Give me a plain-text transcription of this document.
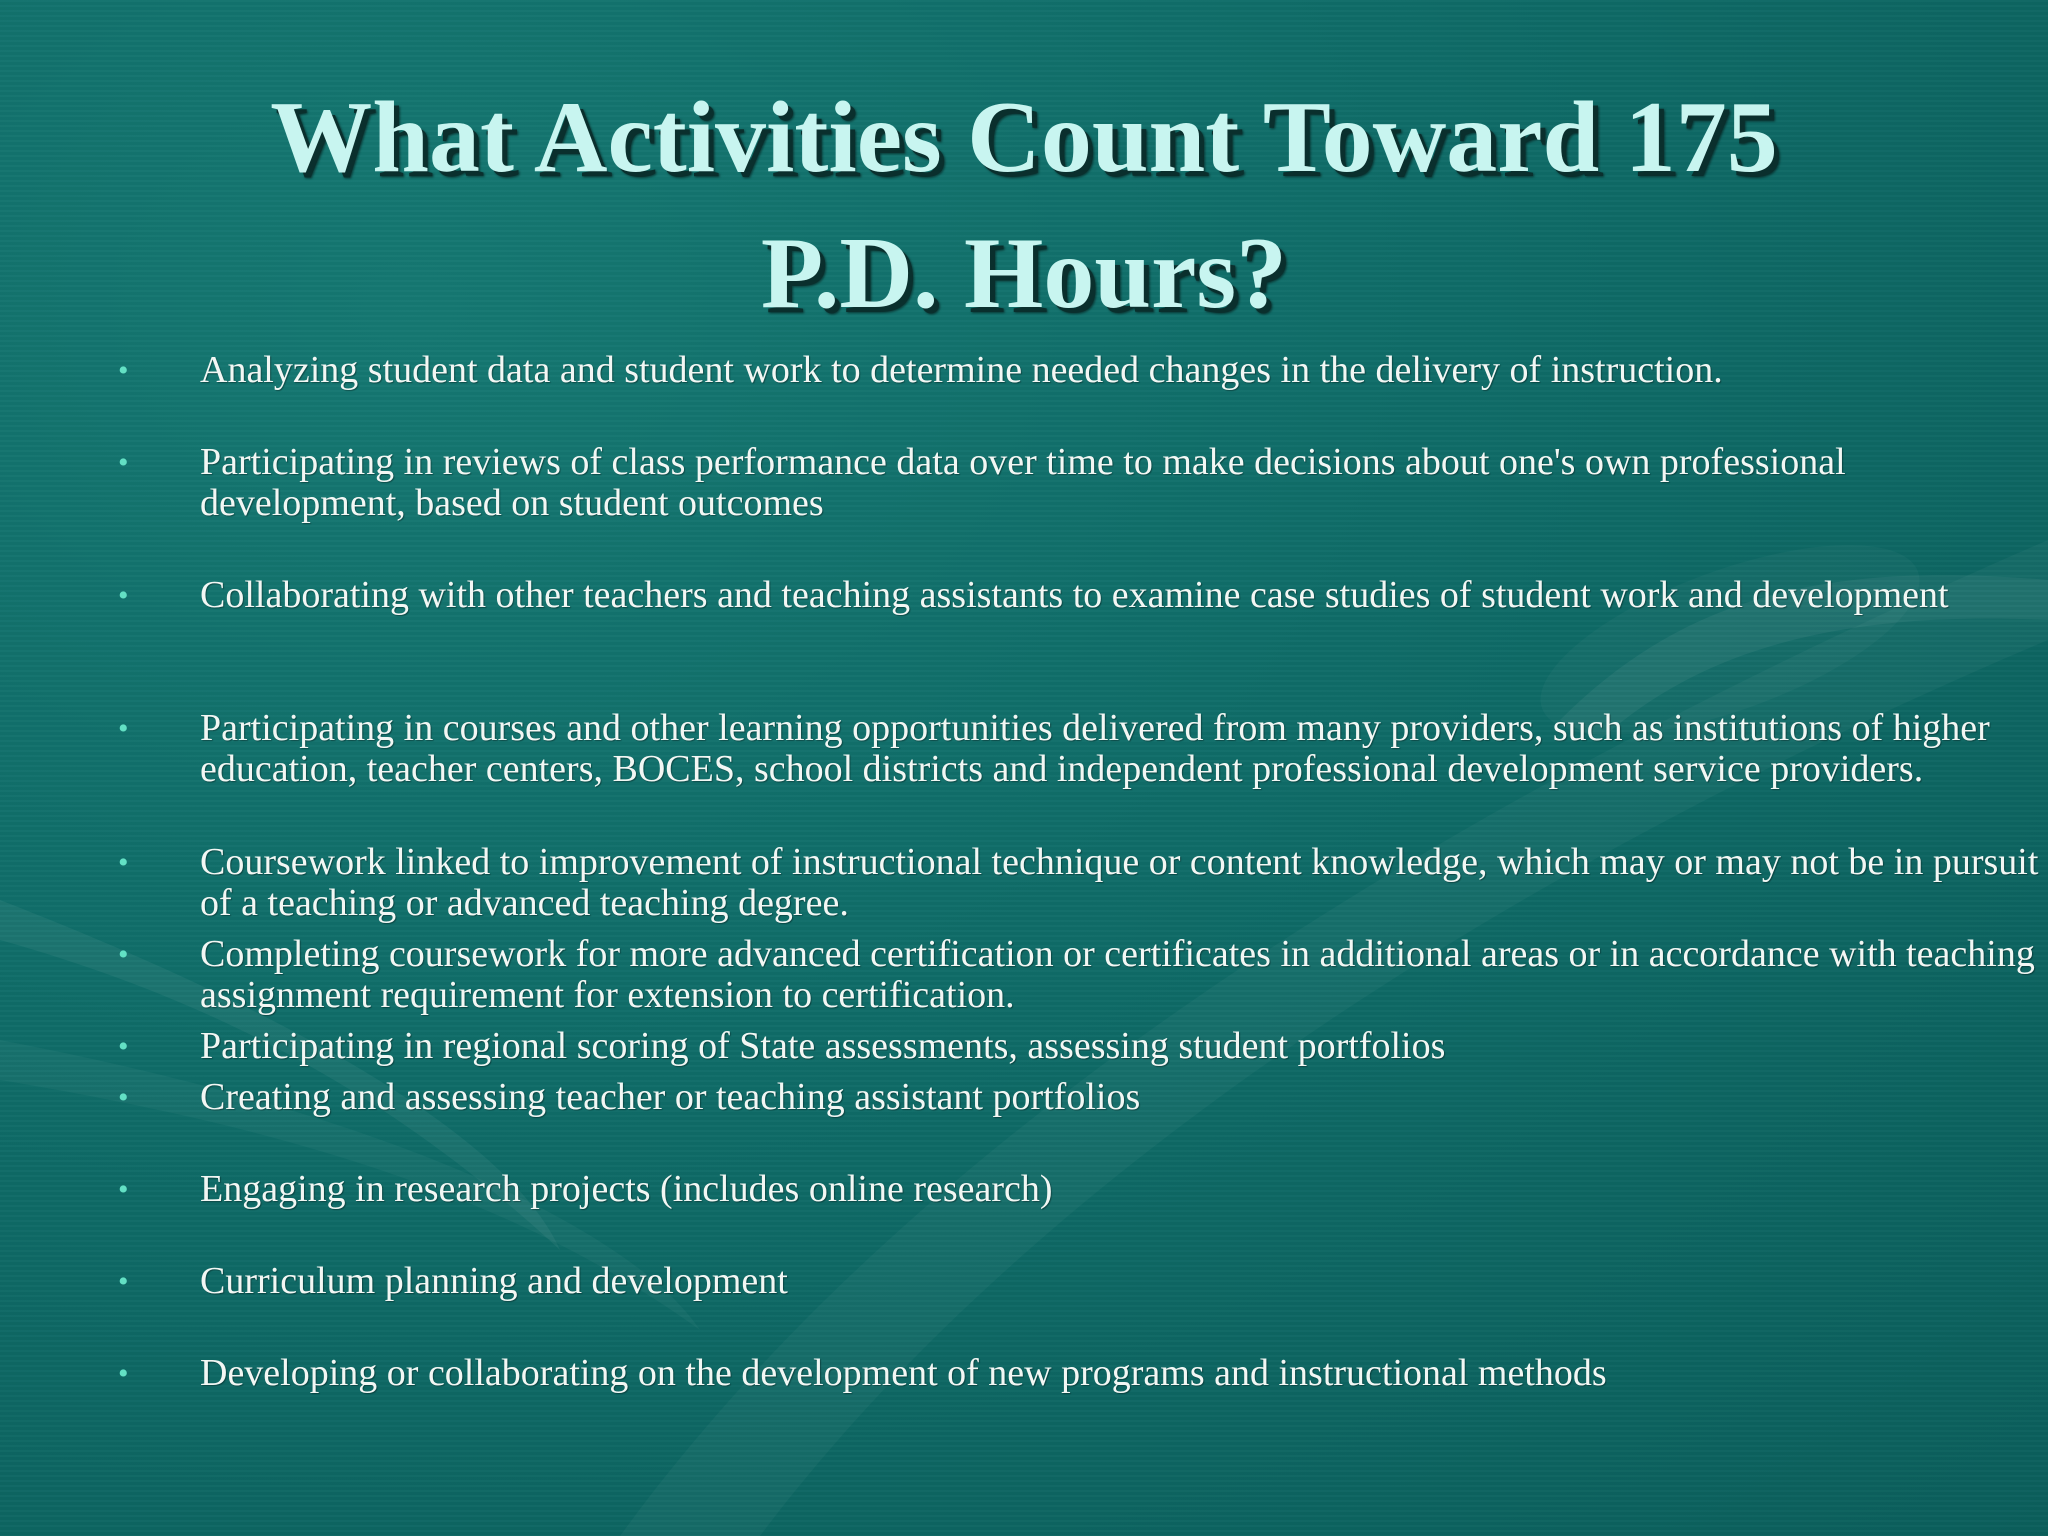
What Activities Count Toward 175
P.D. Hours?
• Analyzing student data and student work to determine needed changes in the delivery of instruction.
• Participating in reviews of class performance data over time to make decisions about one's own professional development, based on student outcomes
• Collaborating with other teachers and teaching assistants to examine case studies of student work and development
• Participating in courses and other learning opportunities delivered from many providers, such as institutions of higher education, teacher centers, BOCES, school districts and independent professional development service providers.
• Coursework linked to improvement of instructional technique or content knowledge, which may or may not be in pursuit of a teaching or advanced teaching degree.
• Completing coursework for more advanced certification or certificates in additional areas or in accordance with teaching assignment requirement for extension to certification.
• Participating in regional scoring of State assessments, assessing student portfolios
• Creating and assessing teacher or teaching assistant portfolios
• Engaging in research projects (includes online research)
• Curriculum planning and development
• Developing or collaborating on the development of new programs and instructional methods
